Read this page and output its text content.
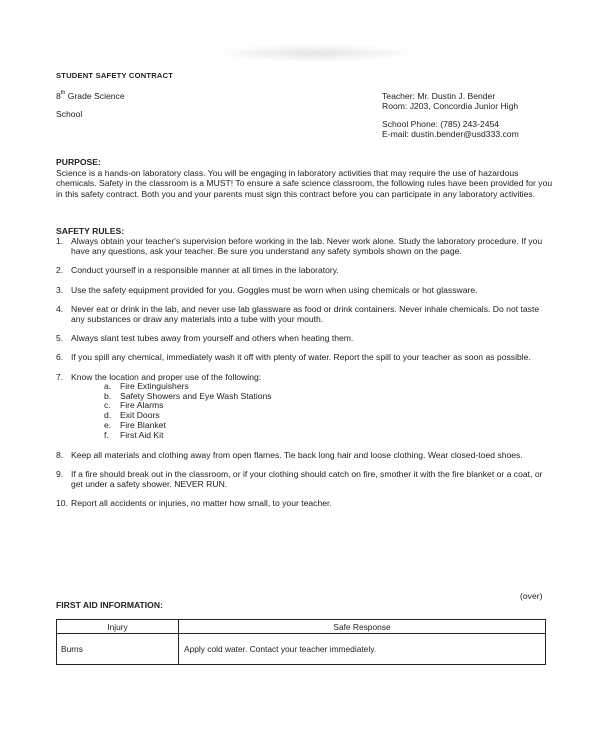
STUDENT SAFETY CONTRACT
8th Grade Science
School
Teacher: Mr. Dustin J. Bender
Room: J203, Concordia Junior High
School Phone: (785) 243-2454
E-mail: dustin.bender@usd333.com
PURPOSE:
Science is a hands-on laboratory class. You will be engaging in laboratory activities that may require the use of hazardous chemicals. Safety in the classroom is a MUST! To ensure a safe science classroom, the following rules have been provided for you in this safety contract. Both you and your parents must sign this contract before you can participate in any laboratory activities.
SAFETY RULES:
1. Always obtain your teacher's supervision before working in the lab. Never work alone. Study the laboratory procedure. If you have any questions, ask your teacher. Be sure you understand any safety symbols shown on the page.
2. Conduct yourself in a responsible manner at all times in the laboratory.
3. Use the safety equipment provided for you. Goggles must be worn when using chemicals or hot glassware.
4. Never eat or drink in the lab, and never use lab glassware as food or drink containers. Never inhale chemicals. Do not taste any substances or draw any materials into a tube with your mouth.
5. Always slant test tubes away from yourself and others when heating them.
6. If you spill any chemical, immediately wash it off with plenty of water. Report the spill to your teacher as soon as possible.
7. Know the location and proper use of the following:
a. Fire Extinguishers
b. Safety Showers and Eye Wash Stations
c. Fire Alarms
d. Exit Doors
e. Fire Blanket
f. First Aid Kit
8. Keep all materials and clothing away from open flames. Tie back long hair and loose clothing. Wear closed-toed shoes.
9. If a fire should break out in the classroom, or if your clothing should catch on fire, smother it with the fire blanket or a coat, or get under a safety shower. NEVER RUN.
10. Report all accidents or injuries, no matter how small, to your teacher.
(over)
FIRST AID INFORMATION:
Injury	Safe Response
Burns	Apply cold water. Contact your teacher immediately.
